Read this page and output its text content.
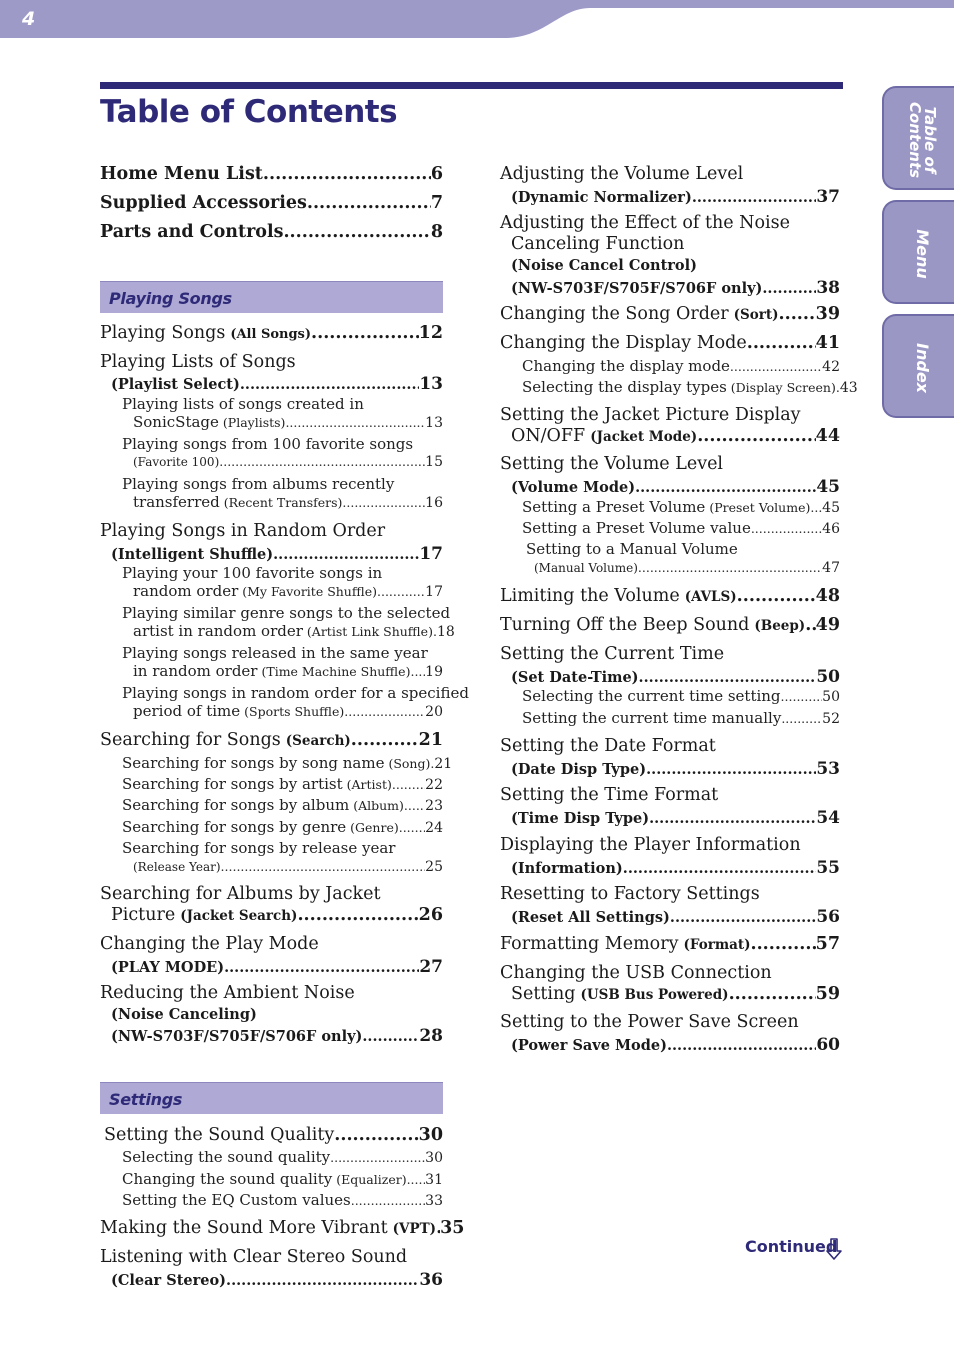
4
Table of Contents
Menu
Index
Table of Contents
Playing Songs
Settings
Home Menu List .....	6
Supplied Accessories .....	7
Parts and Controls .....	8
Playing Songs (All Songs) .....	12
Playing Lists of Songs
(Playlist Select) .....	13
Playing lists of songs created in
SonicStage (Playlists) .....	13
Playing songs from 100 favorite songs
(Favorite 100) .....	15
Playing songs from albums recently
transferred (Recent Transfers) .....	16
Playing Songs in Random Order
(Intelligent Shuffle) .....	17
Playing your 100 favorite songs in
random order (My Favorite Shuffle) .....	17
Playing similar genre songs to the selected
artist in random order (Artist Link Shuffle) ..... 18
Playing songs released in the same year
in random order (Time Machine Shuffle) ..... 19
Playing songs in random order for a specified
period of time (Sports Shuffle) .....	20
Searching for Songs (Search) .....	21
Searching for songs by song name (Song) ..... 21
Searching for songs by artist (Artist) ..... 22
Searching for songs by album (Album) ..... 23
Searching for songs by genre (Genre) ..... 24
Searching for songs by release year
(Release Year) .....	25
Searching for Albums by Jacket
Picture (Jacket Search) .....	26
Changing the Play Mode
(PLAY MODE) .....	27
Reducing the Ambient Noise
(Noise Canceling)
(NW-S703F/S705F/S706F only) .....	28
Setting the Sound Quality .....	30
Selecting the sound quality .....	30
Changing the sound quality (Equalizer) ..... 31
Setting the EQ Custom values .....	33
Making the Sound More Vibrant (VPT) ..... 35
Listening with Clear Stereo Sound
(Clear Stereo) .....	36
Adjusting the Volume Level
(Dynamic Normalizer) .....	37
Adjusting the Effect of the Noise
Canceling Function
(Noise Cancel Control)
(NW-S703F/S705F/S706F only) .....	38
Changing the Song Order (Sort) ..... 39
Changing the Display Mode .....	41
Changing the display mode .....	42
Selecting the display types (Display Screen) ..... 43
Setting the Jacket Picture Display
ON/OFF (Jacket Mode) .....	44
Setting the Volume Level
(Volume Mode) .....	45
Setting a Preset Volume (Preset Volume) ..... 45
Setting a Preset Volume value .....	46
Setting to a Manual Volume
(Manual Volume) .....	47
Limiting the Volume (AVLS) .....	48
Turning Off the Beep Sound (Beep) ..... 49
Setting the Current Time
(Set Date-Time) .....	50
Selecting the current time setting .....	50
Setting the current time manually .....	52
Setting the Date Format
(Date Disp Type) .....	53
Setting the Time Format
(Time Disp Type) .....	54
Displaying the Player Information
(Information) .....	55
Resetting to Factory Settings
(Reset All Settings) .....	56
Formatting Memory (Format) .....	57
Changing the USB Connection
Setting (USB Bus Powered) .....	59
Setting to the Power Save Screen
(Power Save Mode) .....	60
Continued
